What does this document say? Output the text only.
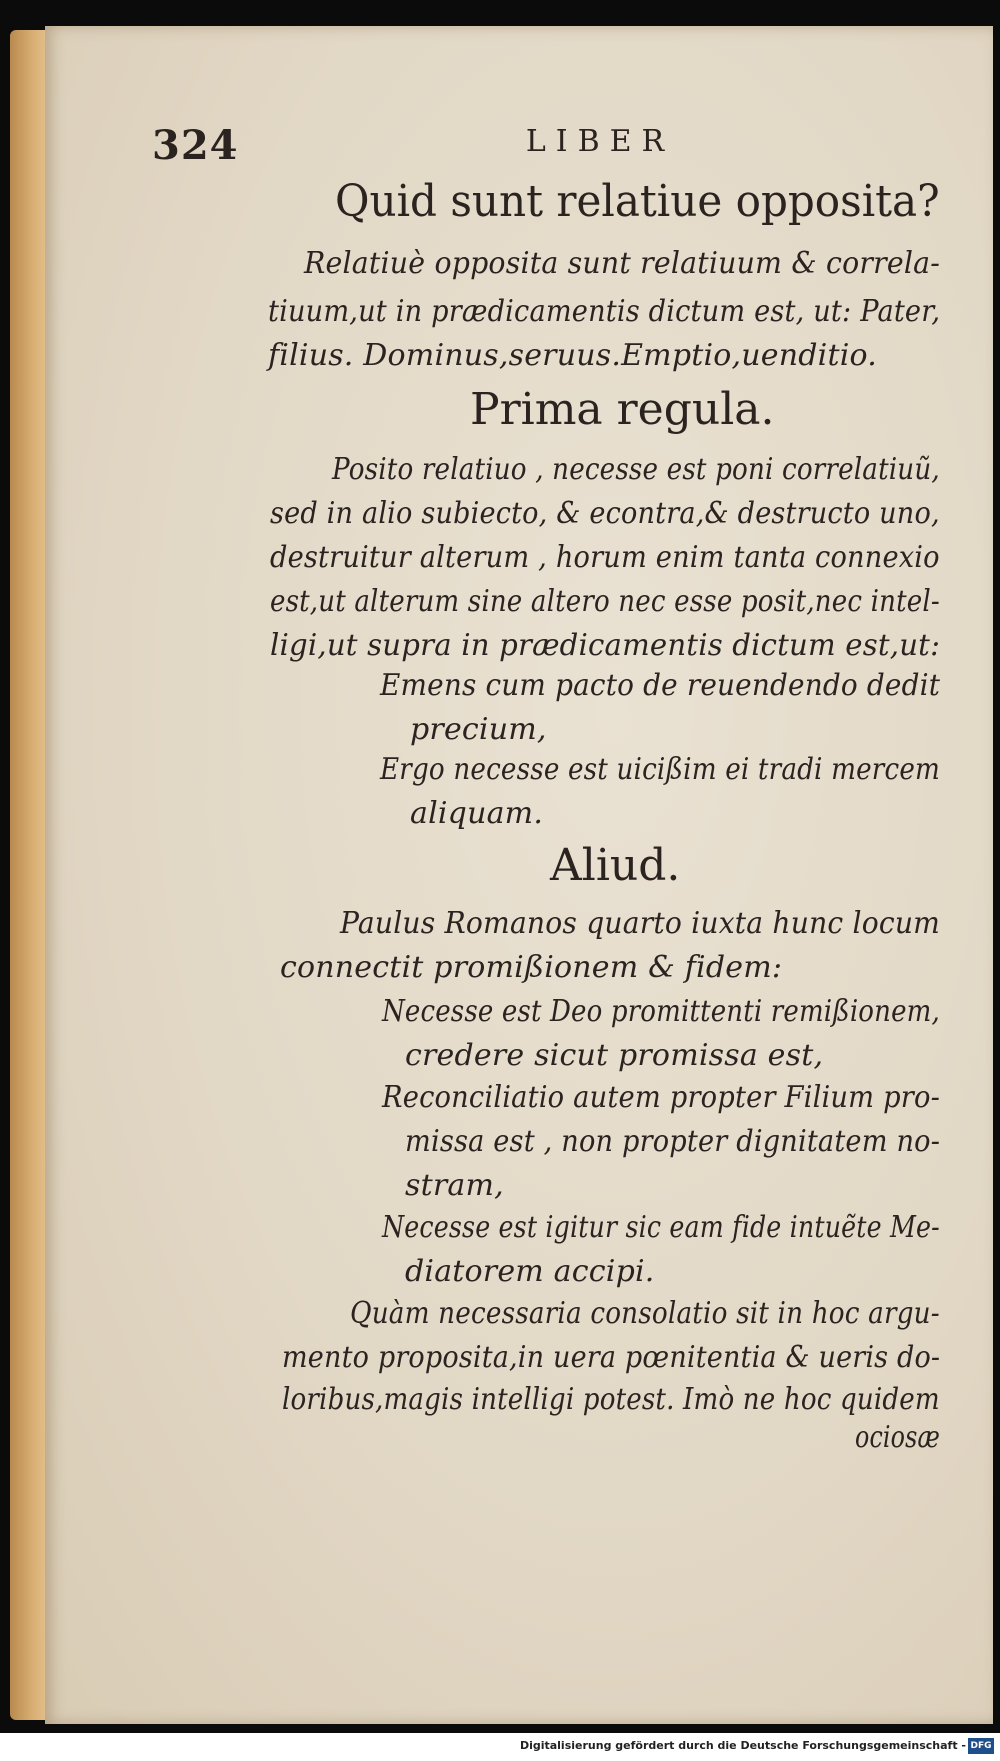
324	LIBER
Quid sunt relatiue opposita?
Relatiuè opposita sunt relatiuum & correla-
tiuum,ut in prædicamentis dictum est, ut: Pater,
filius. Dominus,seruus.Emptio,uenditio.
Prima regula.
Posito relatiuo , necesse est poni correlatiuũ,
sed in alio subiecto, & econtra,& destructo uno,
destruitur alterum , horum enim tanta connexio
est,ut alterum sine altero nec esse posit,nec intel-
ligi,ut supra in prædicamentis dictum est,ut:
Emens cum pacto de reuendendo dedit
precium,
Ergo necesse est uicißim ei tradi mercem
aliquam.
Aliud.
Paulus Romanos quarto iuxta hunc locum
connectit promißionem & fidem:
Necesse est Deo promittenti remißionem,
credere sicut promissa est,
Reconciliatio autem propter Filium pro-
missa est , non propter dignitatem no-
stram,
Necesse est igitur sic eam fide intuẽte Me-
diatorem accipi.
Quàm necessaria consolatio sit in hoc argu-
mento proposita,in uera pœnitentia & ueris do-
loribus,magis intelligi potest. Imò ne hoc quidem
ociosæ
Digitalisierung gefördert durch die Deutsche Forschungsgemeinschaft - DFG
